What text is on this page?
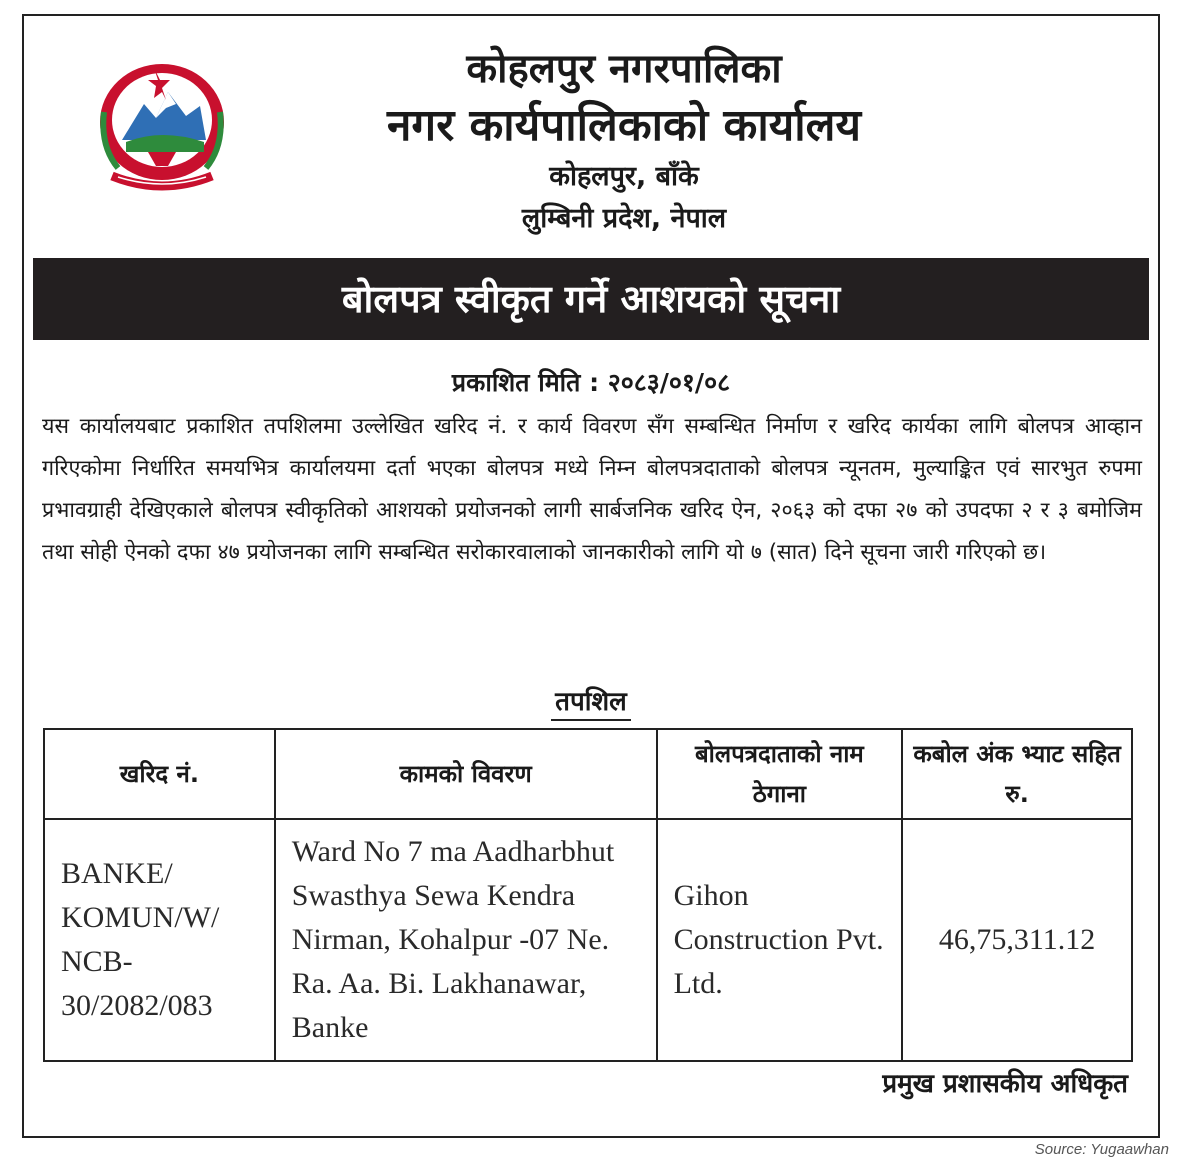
कोहलपुर नगरपालिका
नगर कार्यपालिकाको कार्यालय
कोहलपुर, बाँके
लुम्बिनी प्रदेश, नेपाल
बोलपत्र स्वीकृत गर्ने आशयको सूचना
प्रकाशित मिति : २०८३/०१/०८

यस कार्यालयबाट प्रकाशित तपशिलमा उल्लेखित खरिद नं. र कार्य विवरण सँग सम्बन्धित निर्माण र खरिद कार्यका लागि बोलपत्र आव्हान गरिएकोमा निर्धारित समयभित्र कार्यालयमा दर्ता भएका बोलपत्र मध्ये निम्न बोलपत्रदाताको बोलपत्र न्यूनतम, मुल्याङ्कित एवं सारभुत रुपमा प्रभावग्राही देखिएकाले बोलपत्र स्वीकृतिको आशयको प्रयोजनको लागी सार्बजनिक खरिद ऐन, २०६३ को दफा २७ को उपदफा २ र ३ बमोजिम तथा सोही ऐनको दफा ४७ प्रयोजनका लागि सम्बन्धित सरोकारवालाको जानकारीको लागि यो ७ (सात) दिने सूचना जारी गरिएको छ।

तपशिल
खरिद नं.	कामको विवरण	बोलपत्रदाताको नाम ठेगाना	कबोल अंक भ्याट सहित रु.
BANKE/ KOMUN/W/ NCB- 30/2082/083	Ward No 7 ma Aadharbhut Swasthya Sewa Kendra Nirman, Kohalpur -07 Ne. Ra. Aa. Bi. Lakhanawar, Banke	Gihon Construction Pvt. Ltd.	46,75,311.12
प्रमुख प्रशासकीय अधिकृत
Source: Yugaawhan
